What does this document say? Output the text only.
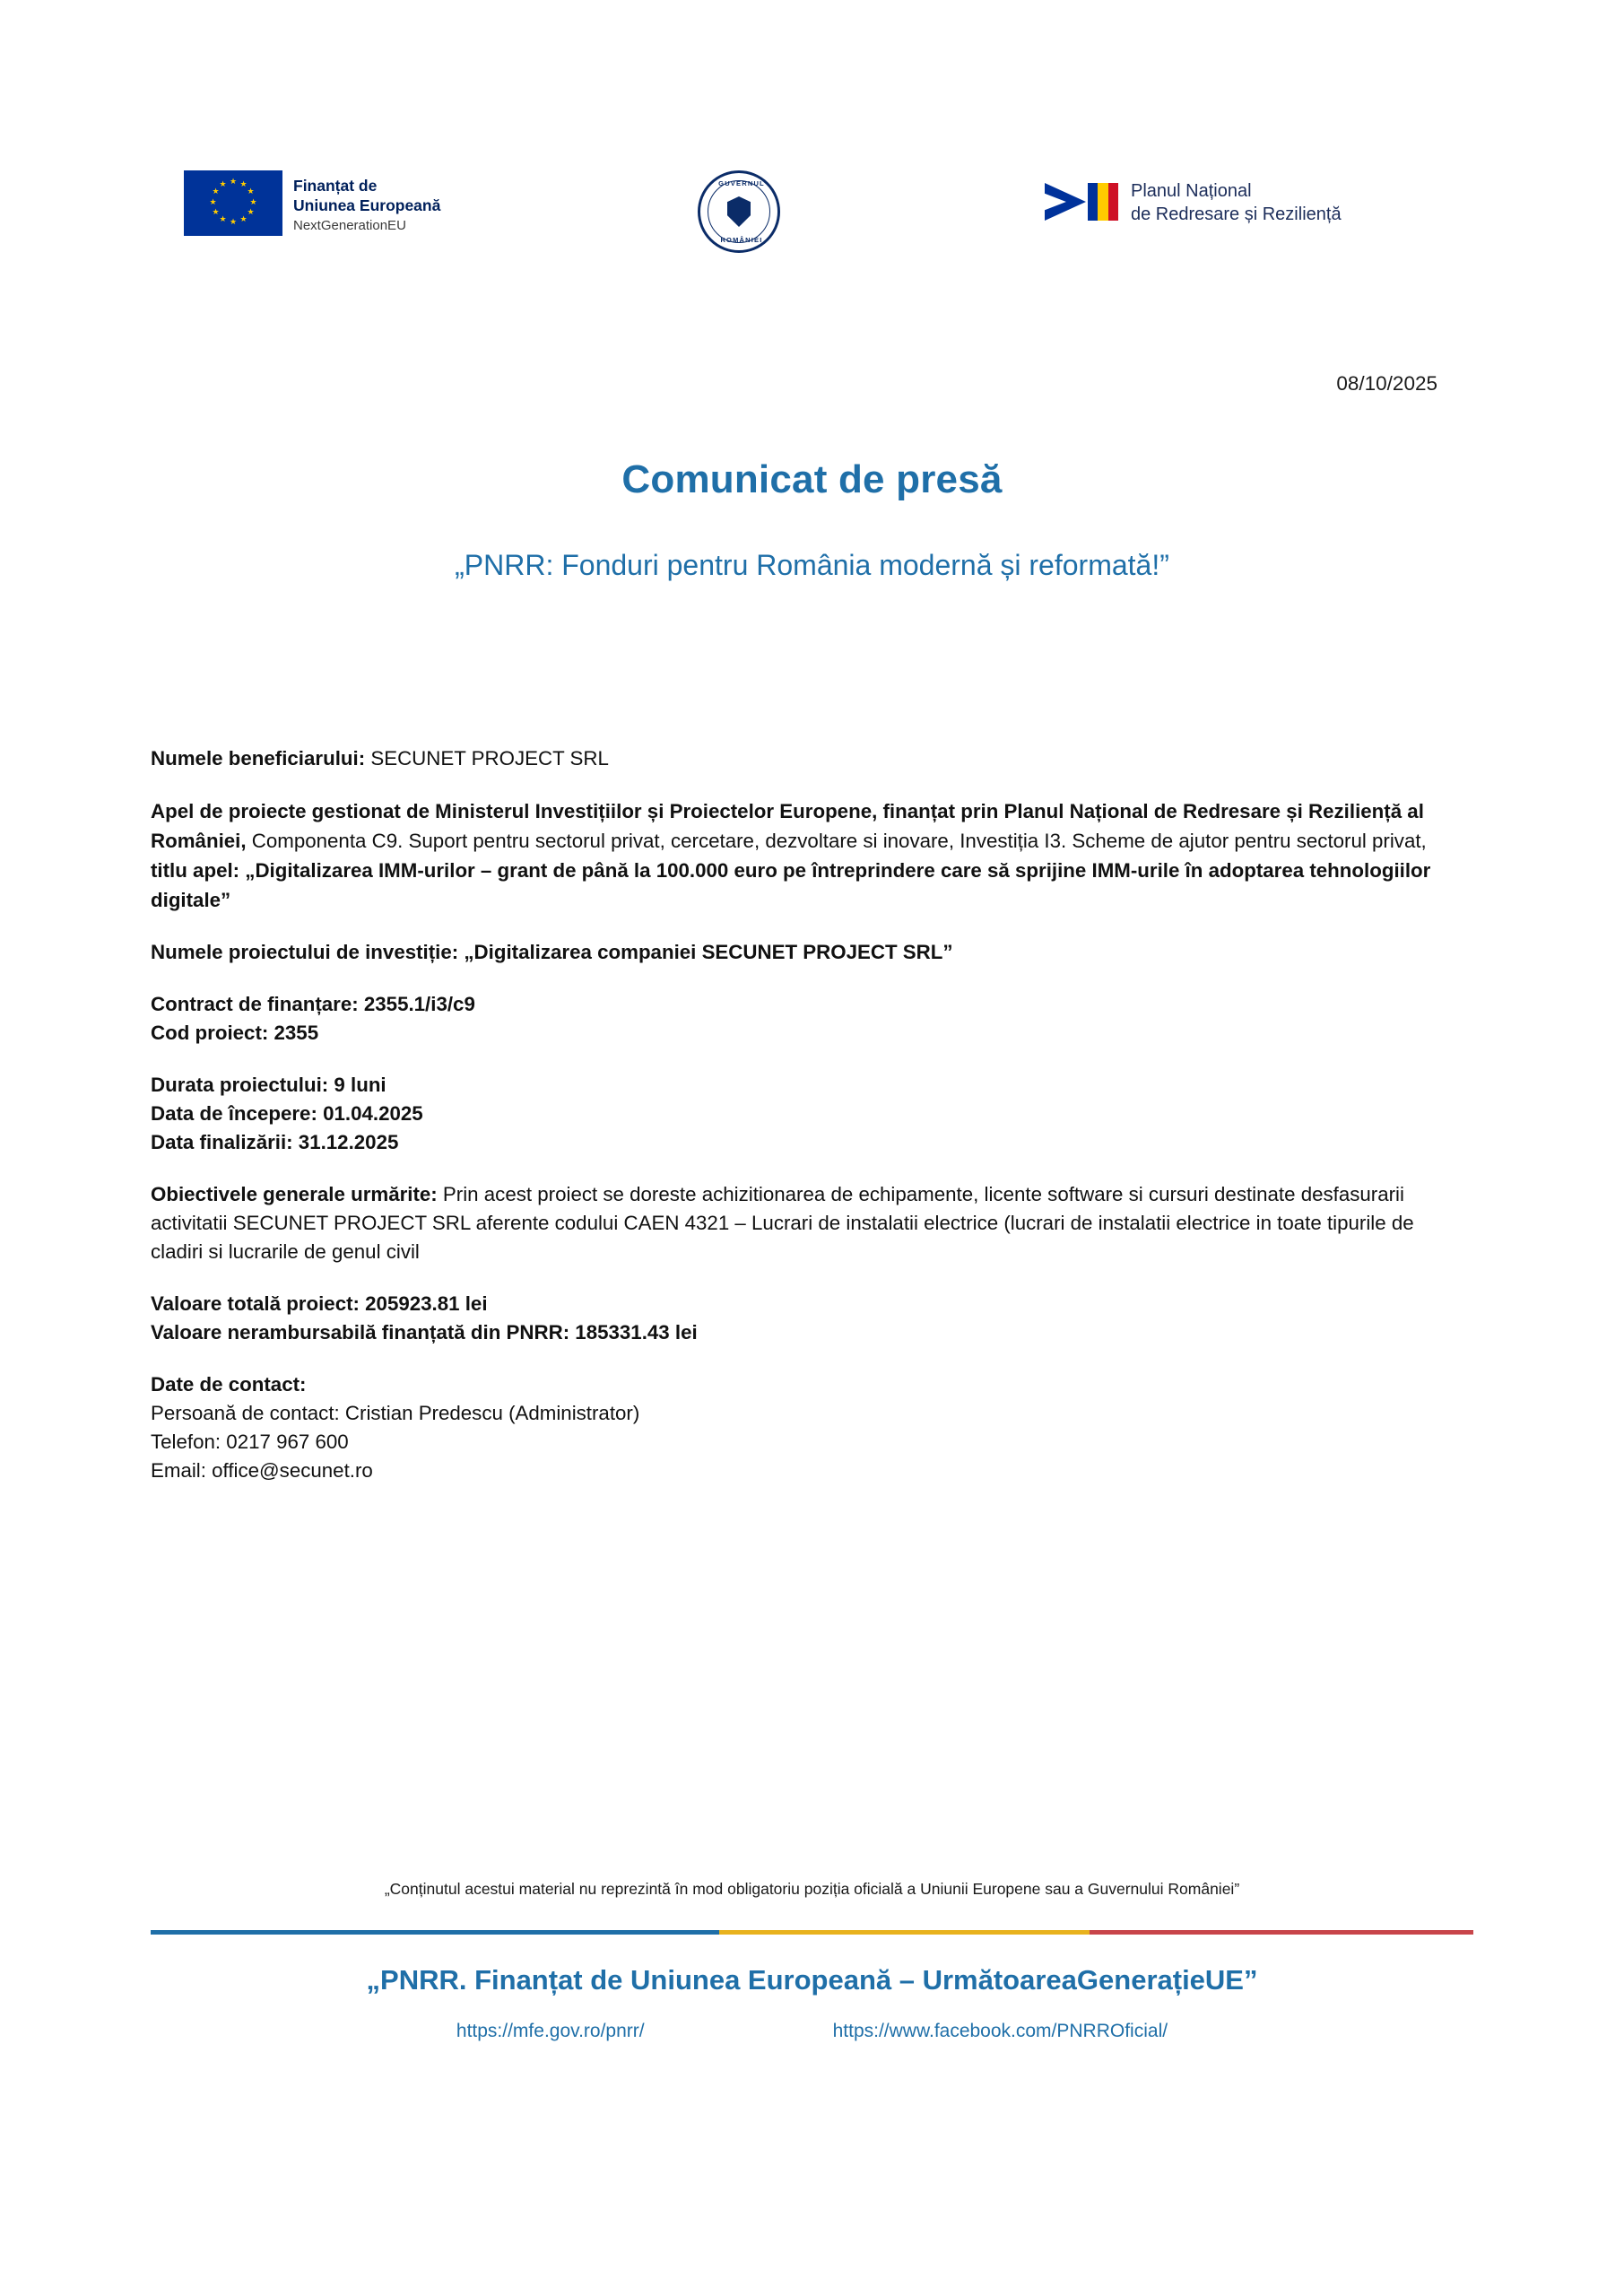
★ ★
★
★
★
★
★
★
★
★
★
★	Finanțat de
Uniunea Europeană
NextGenerationEU
GUVERNUL
ROMÂNIEI
Planul Național
de Redresare și Reziliență
08/10/2025
Comunicat de presă
„PNRR: Fonduri pentru România modernă și reformată!”

Numele beneficiarului: SECUNET PROJECT SRL

Apel de proiecte gestionat de Ministerul Investițiilor și Proiectelor Europene, finanțat prin Planul Național de Redresare și Reziliență al României, Componenta C9. Suport pentru sectorul privat, cercetare, dezvoltare si inovare, Investiția I3. Scheme de ajutor pentru sectorul privat, titlu apel: „Digitalizarea IMM-urilor – grant de până la 100.000 euro pe întreprindere care să sprijine IMM-urile în adoptarea tehnologiilor digitale”

Numele proiectului de investiție: „Digitalizarea companiei SECUNET PROJECT SRL”

Contract de finanțare: 2355.1/i3/c9
Cod proiect: 2355

Durata proiectului: 9 luni
Data de începere: 01.04.2025
Data finalizării: 31.12.2025

Obiectivele generale urmărite: Prin acest proiect se doreste achizitionarea de echipamente, licente software si cursuri destinate desfasurarii activitatii SECUNET PROJECT SRL aferente codului CAEN 4321 – Lucrari de instalatii electrice (lucrari de instalatii electrice in toate tipurile de cladiri si lucrarile de genul civil

Valoare totală proiect: 205923.81 lei
Valoare nerambursabilă finanțată din PNRR: 185331.43 lei

Date de contact:
Persoană de contact: Cristian Predescu (Administrator)
Telefon: 0217 967 600
Email: office@secunet.ro

„Conținutul acestui material nu reprezintă în mod obligatoriu poziția oficială a Uniunii Europene sau a Guvernului României”
„PNRR. Finanțat de Uniunea Europeană – UrmătoareaGenerațieUE”
https://mfe.gov.ro/pnrr/	https://www.facebook.com/PNRROficial/
